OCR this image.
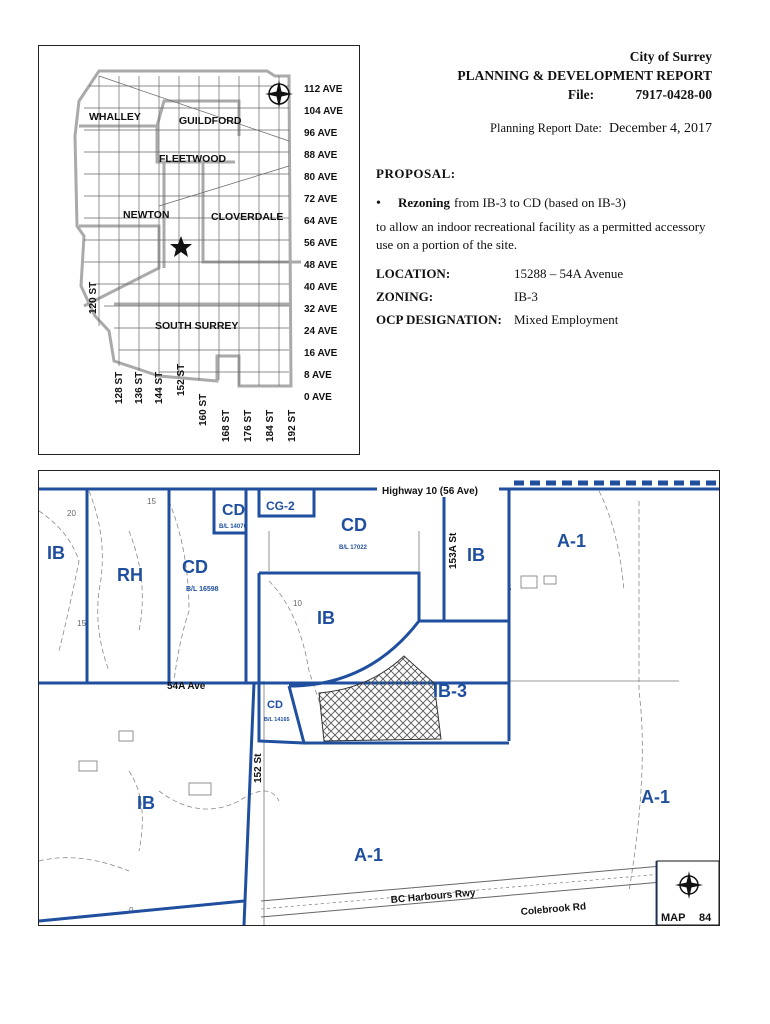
112 AVE
104 AVE
96 AVE
88 AVE
80 AVE
72 AVE
64 AVE
56 AVE
48 AVE
40 AVE
32 AVE
24 AVE
16 AVE
8 AVE
0 AVE
120 ST
128 ST 136 ST 144 ST 152 ST
160 ST 168 ST 176 ST 184 ST 192 ST
WHALLEY	GUILDFORD
FLEETWOOD
NEWTON	CLOVERDALE
SOUTH SURREY
City of Surrey
PLANNING & DEVELOPMENT REPORT
File:	7917-0428-00
Planning Report Date: December 4, 2017
PROPOSAL:
•	Rezoning from IB-3 to CD (based on IB-3)
to allow an indoor recreational facility as a permitted accessory use on a portion of the site.
LOCATION:	15288 – 54A Avenue
ZONING:	IB-3
OCP DESIGNATION: Mixed Employment
15
20
15
10
5
0
CD
B/L 14076
CG-2
CD
B/L 17022
IB
RH CD
B/L 16598
IB
IB
A-1
IB-3
CD
B/L 14165
IB
A-1
A-1
Highway 10 (56 Ave)
54A Ave
153A St
152 St
BC Harbours Rwy
Colebrook Rd
MAP 84
